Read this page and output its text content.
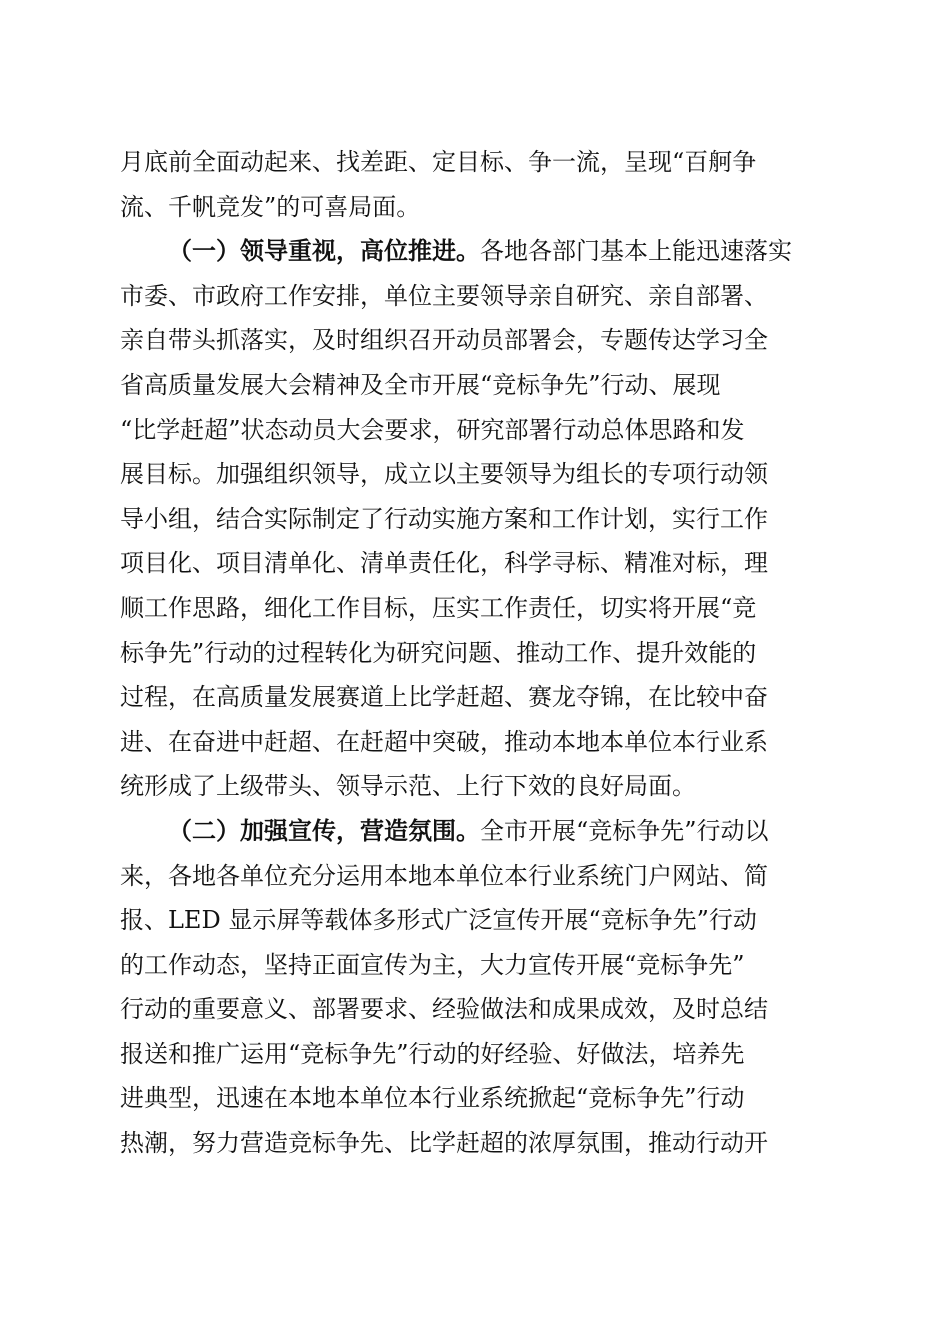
月底前全面动起来、找差距、定目标、争一流，呈现“百舸争
流、千帆竞发”的可喜局面。

（一）领导重视，高位推进。各地各部门基本上能迅速落实
市委、市政府工作安排，单位主要领导亲自研究、亲自部署、
亲自带头抓落实，及时组织召开动员部署会，专题传达学习全
省高质量发展大会精神及全市开展“竞标争先”行动、展现
“比学赶超”状态动员大会要求，研究部署行动总体思路和发
展目标。加强组织领导，成立以主要领导为组长的专项行动领
导小组，结合实际制定了行动实施方案和工作计划，实行工作
项目化、项目清单化、清单责任化，科学寻标、精准对标，理
顺工作思路，细化工作目标，压实工作责任，切实将开展“竞
标争先”行动的过程转化为研究问题、推动工作、提升效能的
过程，在高质量发展赛道上比学赶超、赛龙夺锦，在比较中奋
进、在奋进中赶超、在赶超中突破，推动本地本单位本行业系
统形成了上级带头、领导示范、上行下效的良好局面。

（二）加强宣传，营造氛围。全市开展“竞标争先”行动以
来，各地各单位充分运用本地本单位本行业系统门户网站、简
报、LED 显示屏等载体多形式广泛宣传开展“竞标争先”行动
的工作动态，坚持正面宣传为主，大力宣传开展“竞标争先”
行动的重要意义、部署要求、经验做法和成果成效，及时总结
报送和推广运用“竞标争先”行动的好经验、好做法，培养先
进典型，迅速在本地本单位本行业系统掀起“竞标争先”行动
热潮，努力营造竞标争先、比学赶超的浓厚氛围，推动行动开
